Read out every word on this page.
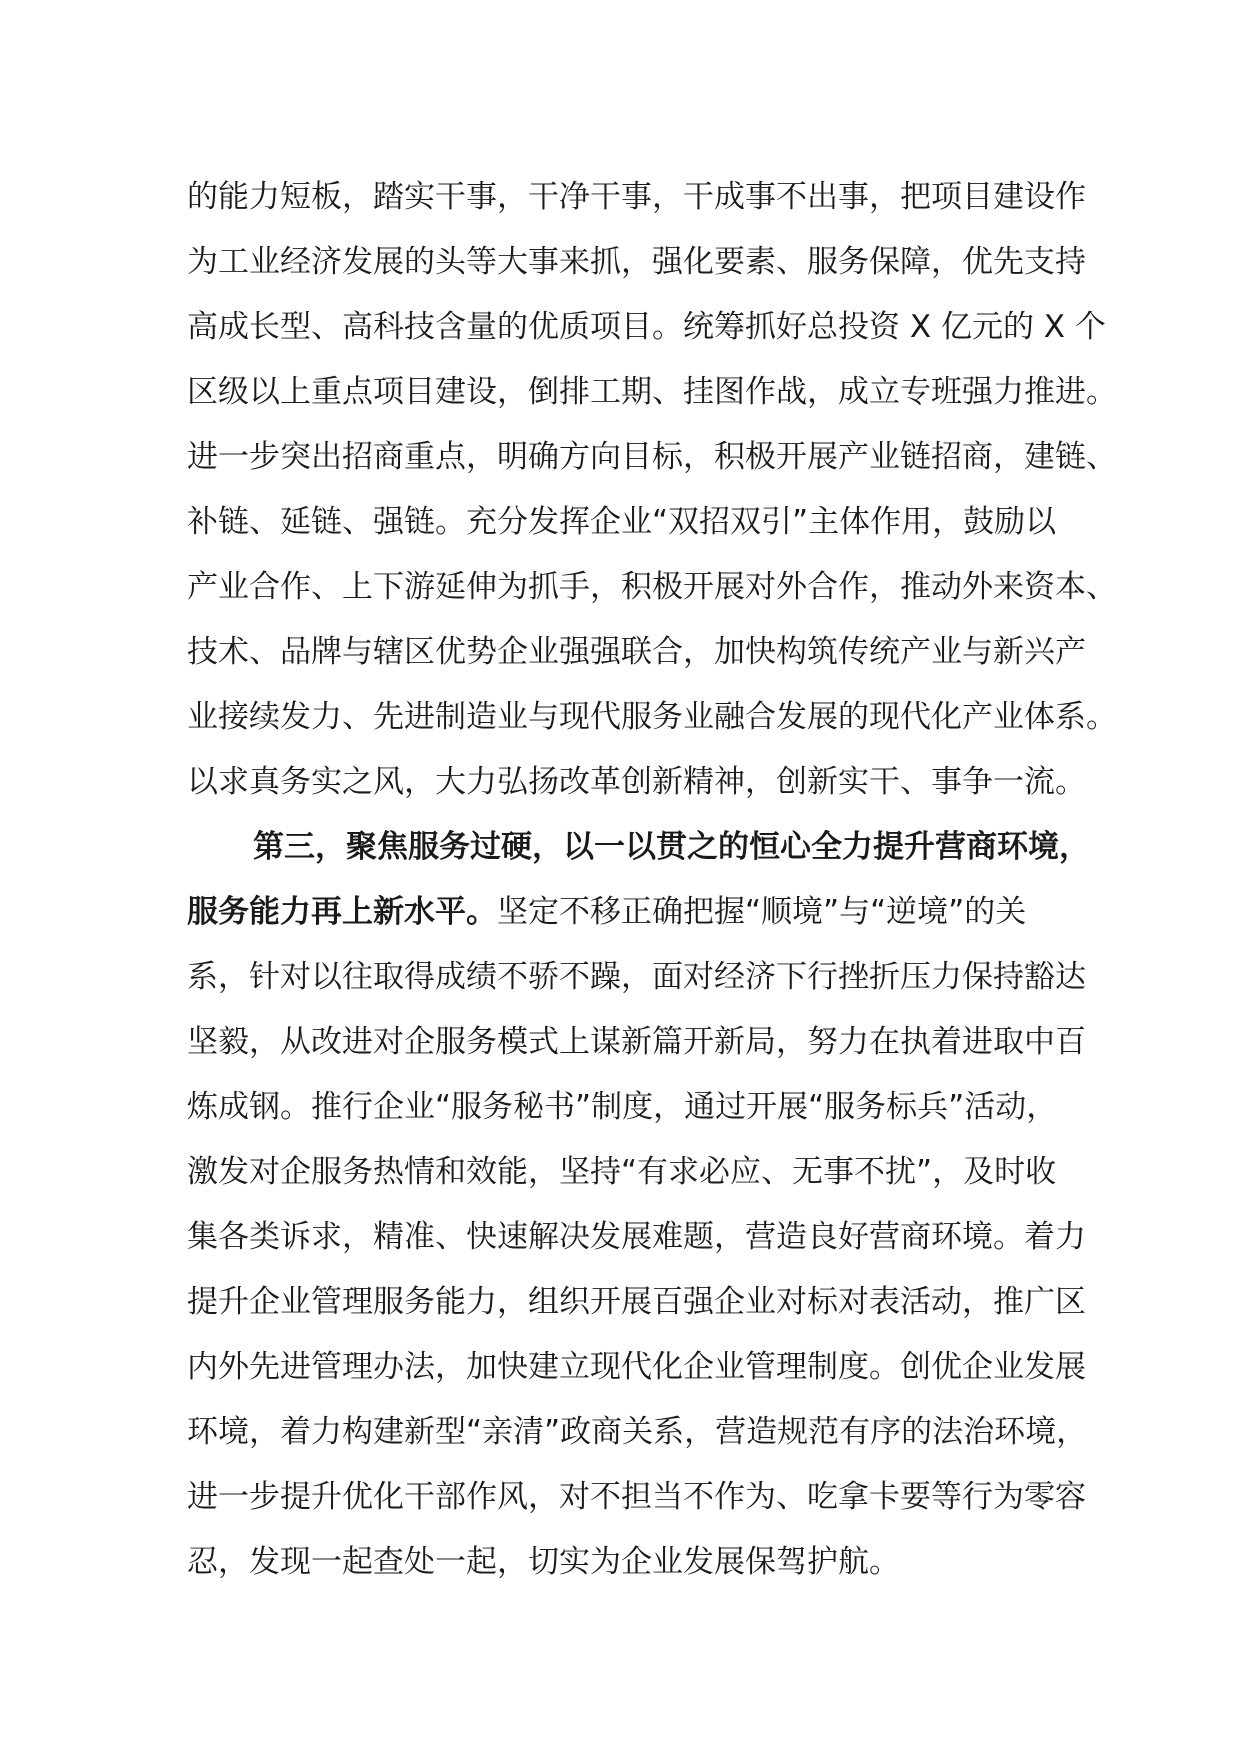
的能力短板，踏实干事，干净干事，干成事不出事，把项目建设作
为工业经济发展的头等大事来抓，强化要素、服务保障，优先支持
高成长型、高科技含量的优质项目。统筹抓好总投资 X 亿元的 X 个
区级以上重点项目建设，倒排工期、挂图作战，成立专班强力推进。
进一步突出招商重点，明确方向目标，积极开展产业链招商，建链、
补链、延链、强链。充分发挥企业“双招双引”主体作用，鼓励以
产业合作、上下游延伸为抓手，积极开展对外合作，推动外来资本、
技术、品牌与辖区优势企业强强联合，加快构筑传统产业与新兴产
业接续发力、先进制造业与现代服务业融合发展的现代化产业体系。
以求真务实之风，大力弘扬改革创新精神，创新实干、事争一流。
第三，聚焦服务过硬，以一以贯之的恒心全力提升营商环境，
服务能力再上新水平。坚定不移正确把握“顺境”与“逆境”的关
系，针对以往取得成绩不骄不躁，面对经济下行挫折压力保持豁达
坚毅，从改进对企服务模式上谋新篇开新局，努力在执着进取中百
炼成钢。推行企业“服务秘书”制度，通过开展“服务标兵”活动，
激发对企服务热情和效能，坚持“有求必应、无事不扰”，及时收
集各类诉求，精准、快速解决发展难题，营造良好营商环境。着力
提升企业管理服务能力，组织开展百强企业对标对表活动，推广区
内外先进管理办法，加快建立现代化企业管理制度。创优企业发展
环境，着力构建新型“亲清”政商关系，营造规范有序的法治环境，
进一步提升优化干部作风，对不担当不作为、吃拿卡要等行为零容
忍，发现一起查处一起，切实为企业发展保驾护航。
